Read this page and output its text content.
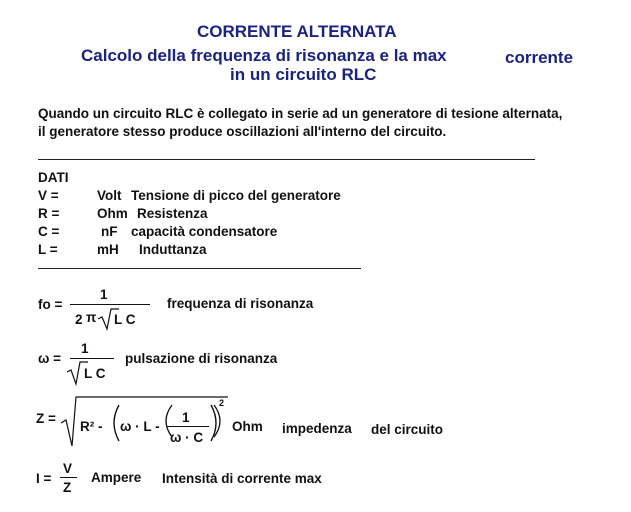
CORRENTE ALTERNATA
Calcolo della frequenza di risonanza e la max	corrente
in un circuito RLC
Quando un circuito RLC è collegato in serie ad un generatore di tesione alternata,
il generatore stesso produce oscillazioni all'interno del circuito.
DATI
V =	Volt Tensione di picco del generatore
R =	Ohm Resistenza
C =	nF capacità condensatore
L =	mH Induttanza
fo =
1
2 π L C
frequenza di risonanza
ω =
1
L C
pulsazione di risonanza
Z =
R² - ω · L -
1
ω · C
2
Ohm impedenza del circuito
I =
V
Z
Ampere Intensità di corrente max
